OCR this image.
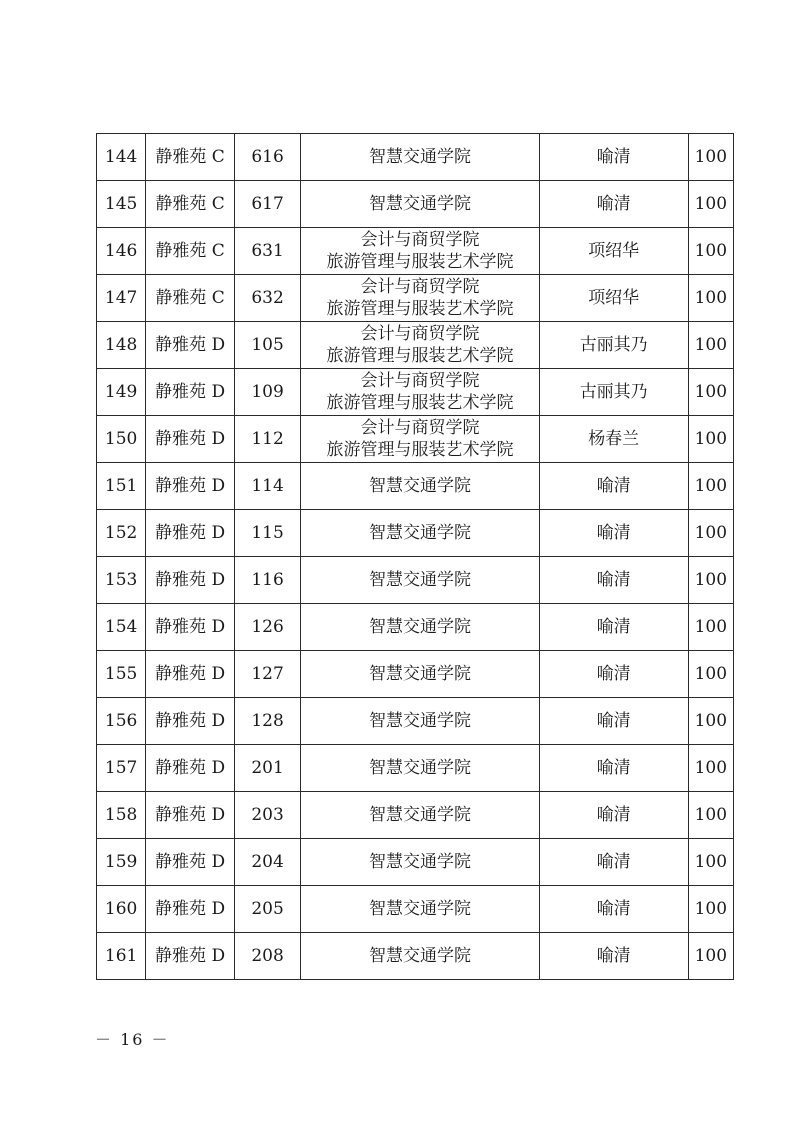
144	静雅苑 C	616	智慧交通学院	喻清	100
145	静雅苑 C	617	智慧交通学院	喻清	100
146	静雅苑 C	631	会计与商贸学院
旅游管理与服装艺术学院	项绍华	100
147	静雅苑 C	632	会计与商贸学院
旅游管理与服装艺术学院	项绍华	100
148	静雅苑 D	105	会计与商贸学院
旅游管理与服装艺术学院	古丽其乃	100
149	静雅苑 D	109	会计与商贸学院
旅游管理与服装艺术学院	古丽其乃	100
150	静雅苑 D	112	会计与商贸学院
旅游管理与服装艺术学院	杨春兰	100
151	静雅苑 D	114	智慧交通学院	喻清	100
152	静雅苑 D	115	智慧交通学院	喻清	100
153	静雅苑 D	116	智慧交通学院	喻清	100
154	静雅苑 D	126	智慧交通学院	喻清	100
155	静雅苑 D	127	智慧交通学院	喻清	100
156	静雅苑 D	128	智慧交通学院	喻清	100
157	静雅苑 D	201	智慧交通学院	喻清	100
158	静雅苑 D	203	智慧交通学院	喻清	100
159	静雅苑 D	204	智慧交通学院	喻清	100
160	静雅苑 D	205	智慧交通学院	喻清	100
161	静雅苑 D	208	智慧交通学院	喻清	100
－ 16 －
